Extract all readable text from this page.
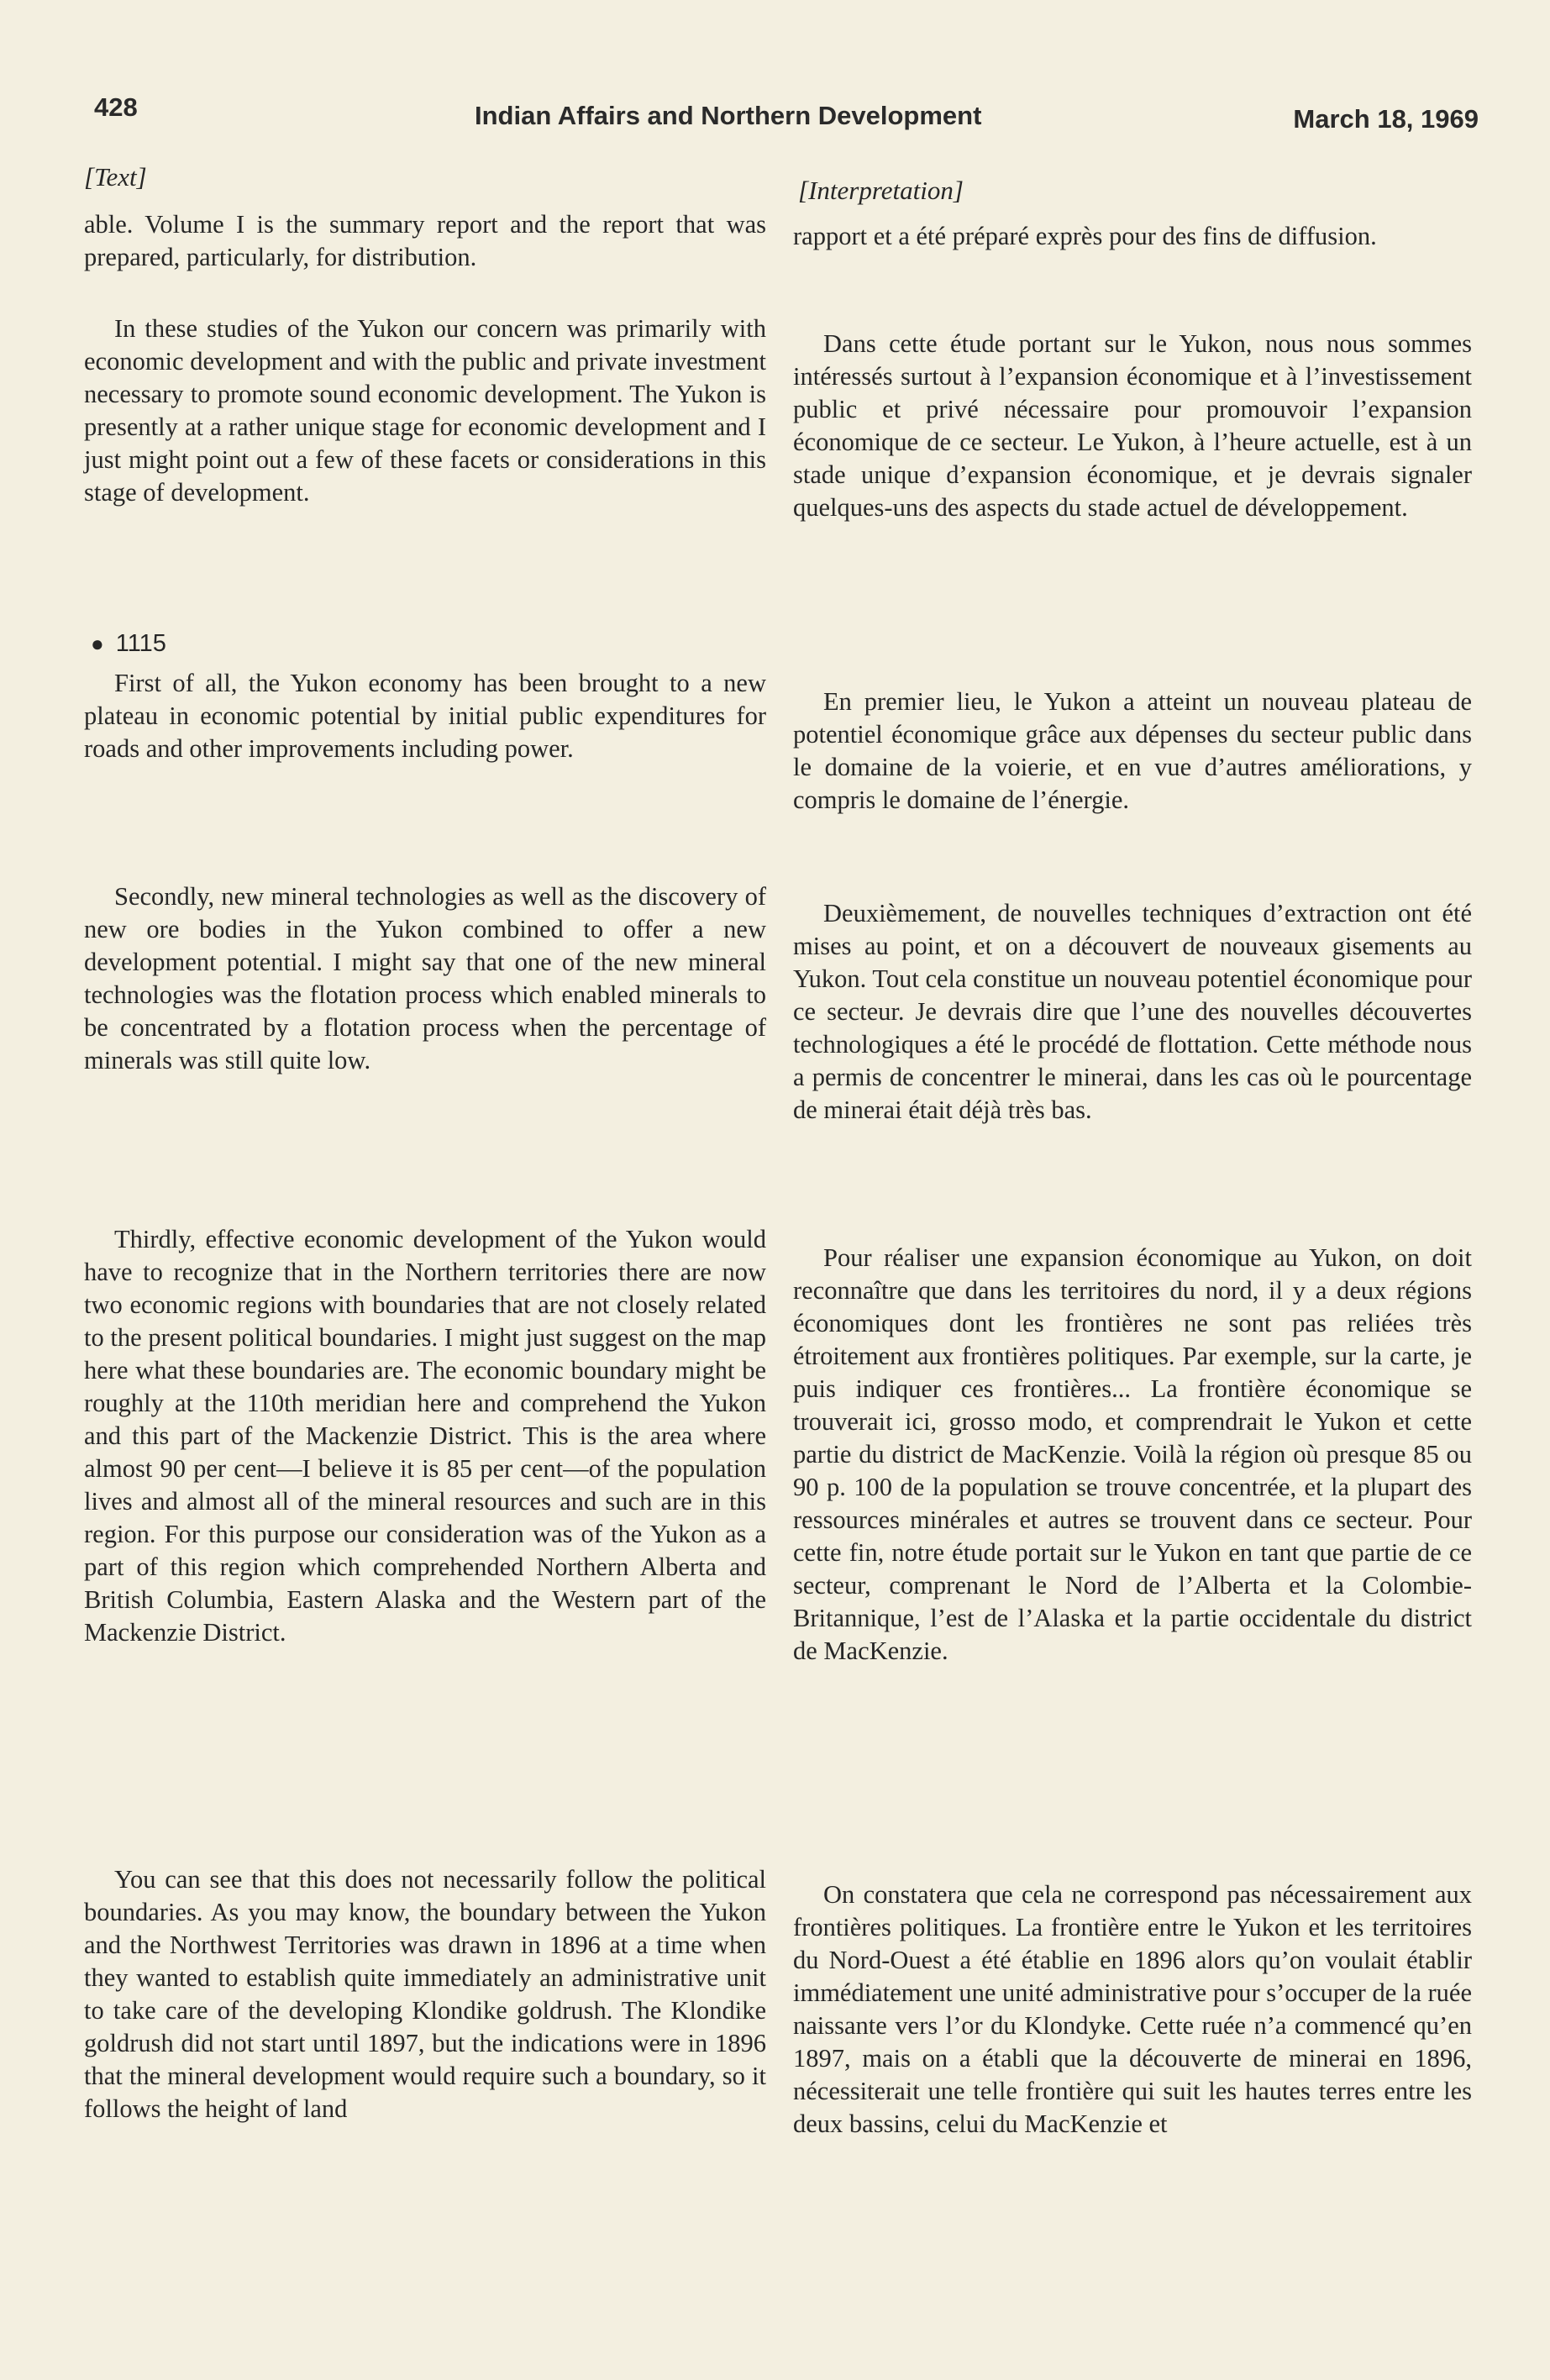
428	Indian Affairs and Northern Development	March 18, 1969
[Text]
able. Volume I is the summary report and the report that was prepared, particularly, for distribution.
In these studies of the Yukon our concern was primarily with economic development and with the public and private investment necessary to promote sound economic development. The Yukon is presently at a rather unique stage for economic development and I just might point out a few of these facets or considerations in this stage of development.
● 1115
First of all, the Yukon economy has been brought to a new plateau in economic potential by initial public expenditures for roads and other improvements including power.
Secondly, new mineral technologies as well as the discovery of new ore bodies in the Yukon combined to offer a new development potential. I might say that one of the new mineral technologies was the flotation process which enabled minerals to be concentrated by a flotation process when the percentage of minerals was still quite low.
Thirdly, effective economic development of the Yukon would have to recognize that in the Northern territories there are now two economic regions with boundaries that are not closely related to the present political boundaries. I might just suggest on the map here what these boundaries are. The economic boundary might be roughly at the 110th meridian here and comprehend the Yukon and this part of the Mackenzie District. This is the area where almost 90 per cent—I believe it is 85 per cent—of the population lives and almost all of the mineral resources and such are in this region. For this purpose our consideration was of the Yukon as a part of this region which comprehended Northern Alberta and British Columbia, Eastern Alaska and the Western part of the Mackenzie District.
You can see that this does not necessarily follow the political boundaries. As you may know, the boundary between the Yukon and the Northwest Territories was drawn in 1896 at a time when they wanted to establish quite immediately an administrative unit to take care of the developing Klondike goldrush. The Klondike goldrush did not start until 1897, but the indications were in 1896 that the mineral development would require such a boundary, so it follows the height of land
[Interpretation]
rapport et a été préparé exprès pour des fins de diffusion.
Dans cette étude portant sur le Yukon, nous nous sommes intéressés surtout à l’expansion économique et à l’investissement public et privé nécessaire pour promouvoir l’expansion économique de ce secteur. Le Yukon, à l’heure actuelle, est à un stade unique d’expansion économique, et je devrais signaler quelques-uns des aspects du stade actuel de développement.
En premier lieu, le Yukon a atteint un nouveau plateau de potentiel économique grâce aux dépenses du secteur public dans le domaine de la voierie, et en vue d’autres améliorations, y compris le domaine de l’énergie.
Deuxièmement, de nouvelles techniques d’extraction ont été mises au point, et on a découvert de nouveaux gisements au Yukon. Tout cela constitue un nouveau potentiel économique pour ce secteur. Je devrais dire que l’une des nouvelles découvertes technologiques a été le procédé de flottation. Cette méthode nous a permis de concentrer le minerai, dans les cas où le pourcentage de minerai était déjà très bas.
Pour réaliser une expansion économique au Yukon, on doit reconnaître que dans les territoires du nord, il y a deux régions économiques dont les frontières ne sont pas reliées très étroitement aux frontières politiques. Par exemple, sur la carte, je puis indiquer ces frontières... La frontière économique se trouverait ici, grosso modo, et comprendrait le Yukon et cette partie du district de MacKenzie. Voilà la région où presque 85 ou 90 p. 100 de la population se trouve concentrée, et la plupart des ressources minérales et autres se trouvent dans ce secteur. Pour cette fin, notre étude portait sur le Yukon en tant que partie de ce secteur, comprenant le Nord de l’Alberta et la Colombie-Britannique, l’est de l’Alaska et la partie occidentale du district de MacKenzie.
On constatera que cela ne correspond pas nécessairement aux frontières politiques. La frontière entre le Yukon et les territoires du Nord-Ouest a été établie en 1896 alors qu’on voulait établir immédiatement une unité administrative pour s’occuper de la ruée naissante vers l’or du Klondyke. Cette ruée n’a commencé qu’en 1897, mais on a établi que la découverte de minerai en 1896, nécessiterait une telle frontière qui suit les hautes terres entre les deux bassins, celui du MacKenzie et
